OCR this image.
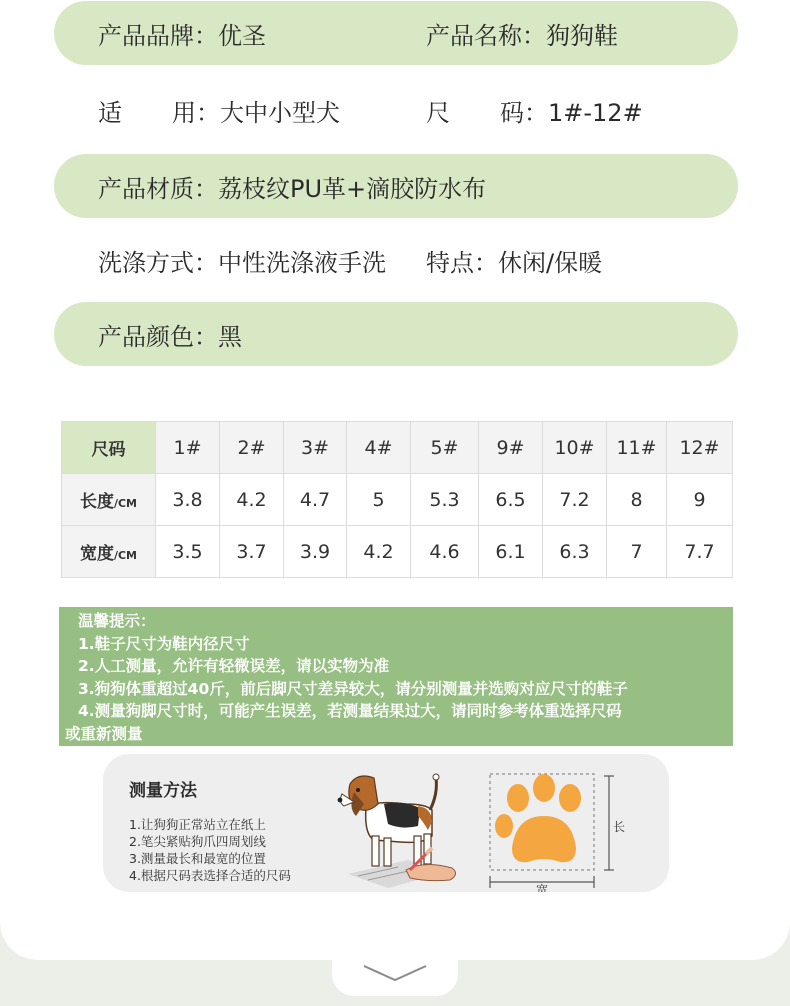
产品品牌：优圣	产品名称：狗狗鞋
适 用：大中小型犬	尺 码：1#-12#
产品材质：荔枝纹PU革+滴胶防水布
洗涤方式：中性洗涤液手洗 特点：休闲/保暖
产品颜色：黑
尺码	1#	2#	3#	4#	5#	9#	10#	11#	12#
长度/CM	3.8	4.2	4.7	5	5.3	6.5	7.2	8	9
宽度/CM	3.5	3.7	3.9	4.2	4.6	6.1	6.3	7	7.7
温馨提示：
1.鞋子尺寸为鞋内径尺寸
2.人工测量，允许有轻微误差，请以实物为准
3.狗狗体重超过40斤，前后脚尺寸差异较大，请分别测量并选购对应尺寸的鞋子
4.测量狗脚尺寸时，可能产生误差，若测量结果过大，请同时参考体重选择尺码
或重新测量
测量方法
1.让狗狗正常站立在纸上
2.笔尖紧贴狗爪四周划线
3.测量最长和最宽的位置
4.根据尺码表选择合适的尺码
长
宽
